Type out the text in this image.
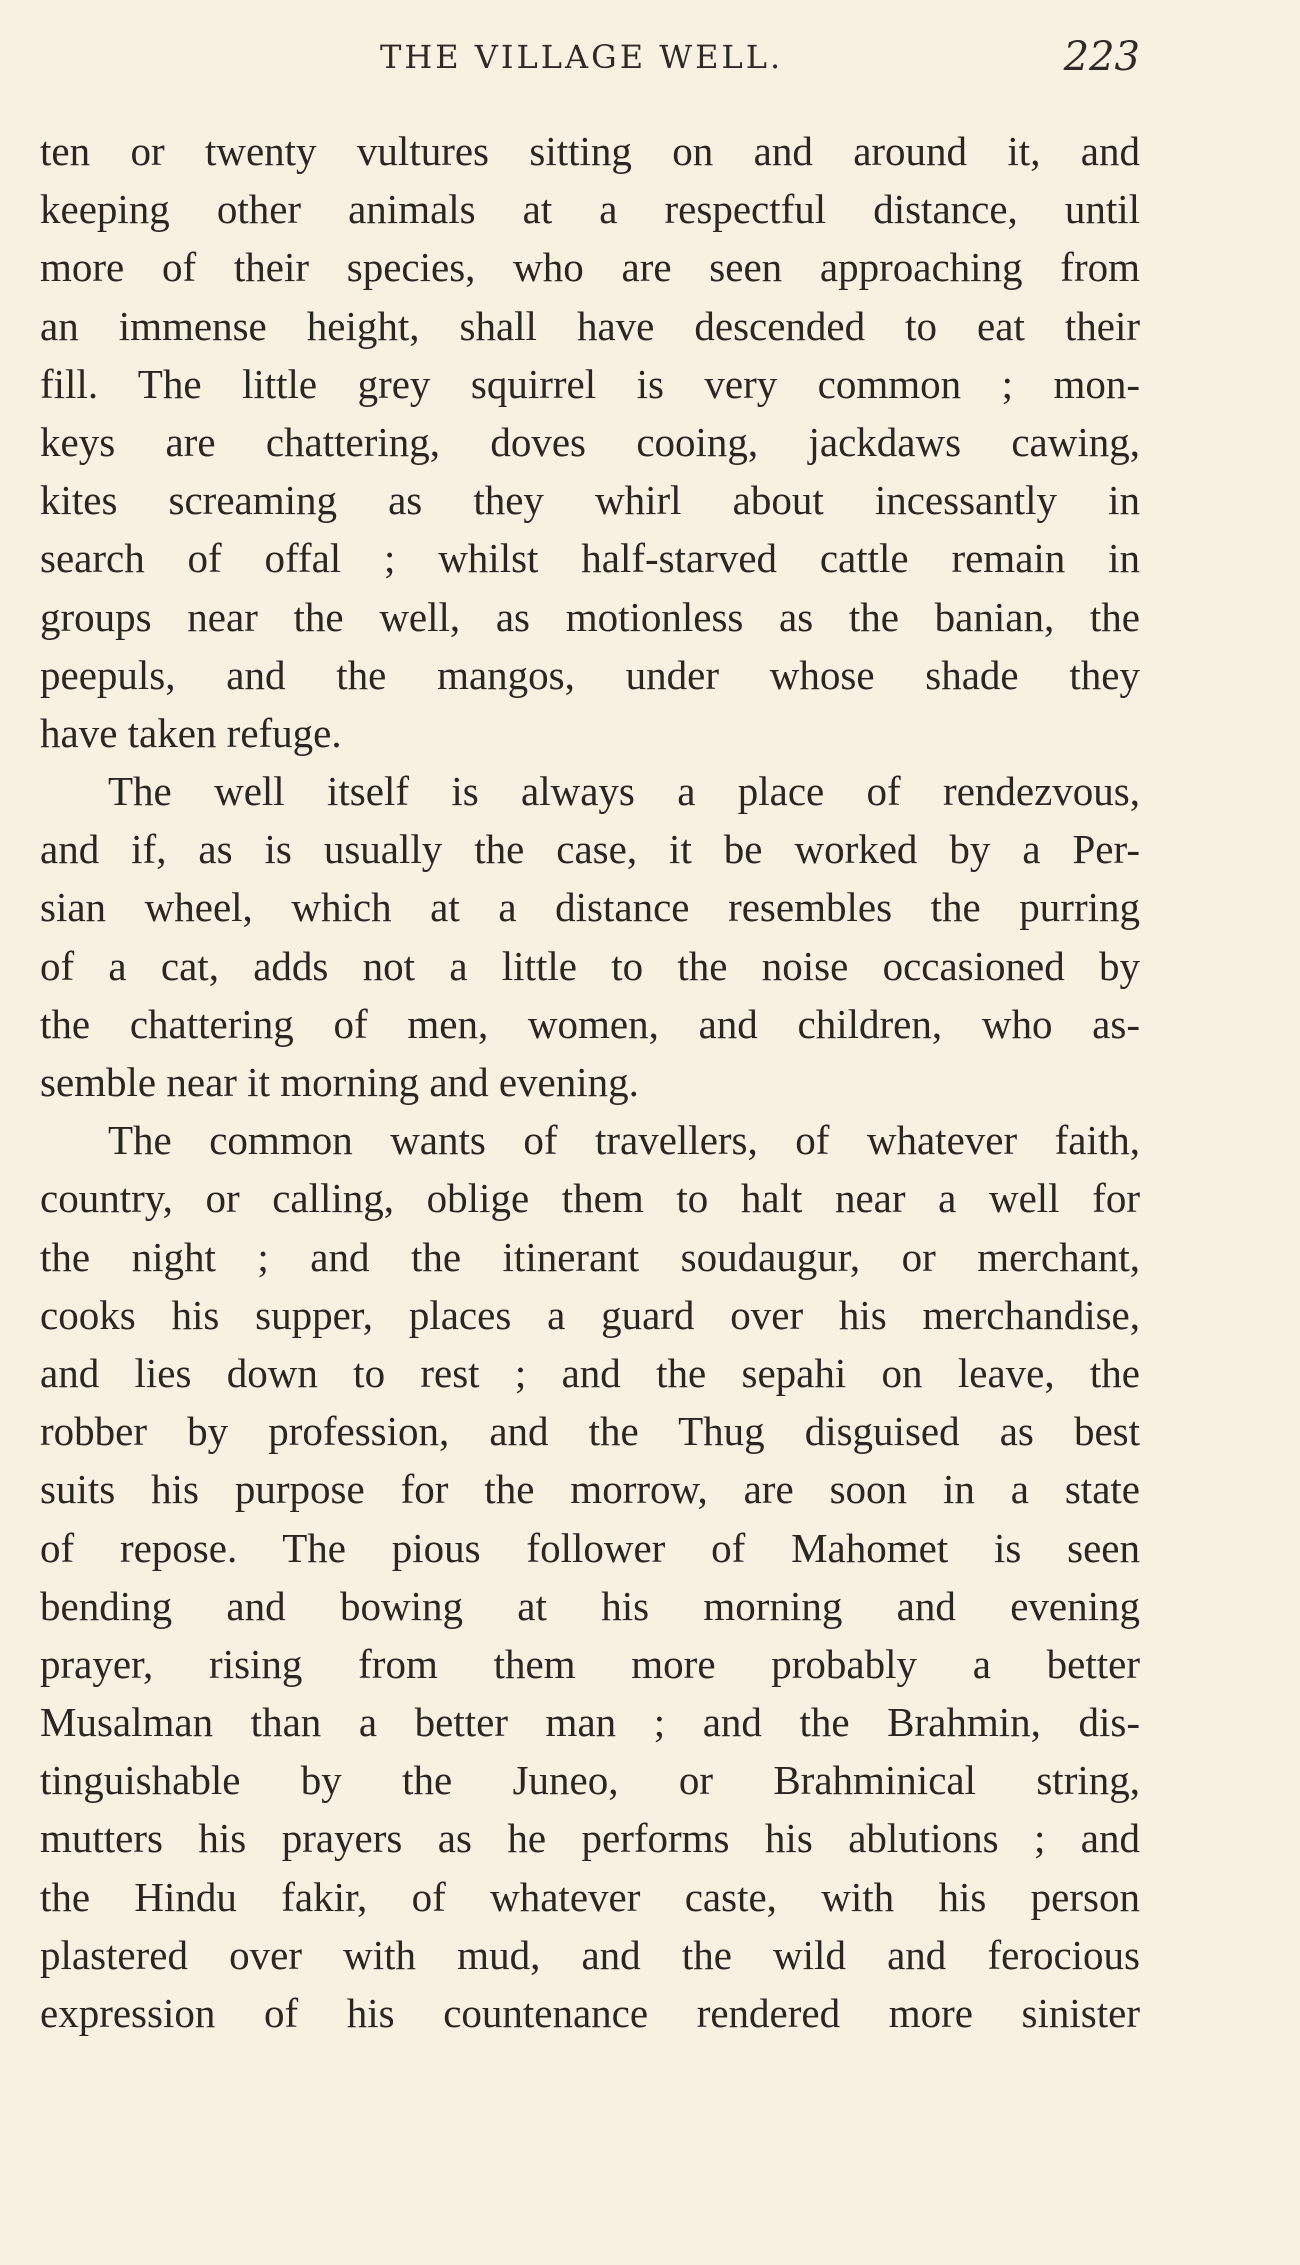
THE VILLAGE WELL.	223
ten or twenty vultures sitting on and around it, and
keeping other animals at a respectful distance, until
more of their species, who are seen approaching from
an immense height, shall have descended to eat their
fill. The little grey squirrel is very common ; mon-
keys are chattering, doves cooing, jackdaws cawing,
kites screaming as they whirl about incessantly in
search of offal ; whilst half-starved cattle remain in
groups near the well, as motionless as the banian, the
peepuls, and the mangos, under whose shade they
have taken refuge.
The well itself is always a place of rendezvous,
and if, as is usually the case, it be worked by a Per-
sian wheel, which at a distance resembles the purring
of a cat, adds not a little to the noise occasioned by
the chattering of men, women, and children, who as-
semble near it morning and evening.
The common wants of travellers, of whatever faith,
country, or calling, oblige them to halt near a well for
the night ; and the itinerant soudaugur, or merchant,
cooks his supper, places a guard over his merchandise,
and lies down to rest ; and the sepahi on leave, the
robber by profession, and the Thug disguised as best
suits his purpose for the morrow, are soon in a state
of repose. The pious follower of Mahomet is seen
bending and bowing at his morning and evening
prayer, rising from them more probably a better
Musalman than a better man ; and the Brahmin, dis-
tinguishable by the Juneo, or Brahminical string,
mutters his prayers as he performs his ablutions ; and
the Hindu fakir, of whatever caste, with his person
plastered over with mud, and the wild and ferocious
expression of his countenance rendered more sinister
